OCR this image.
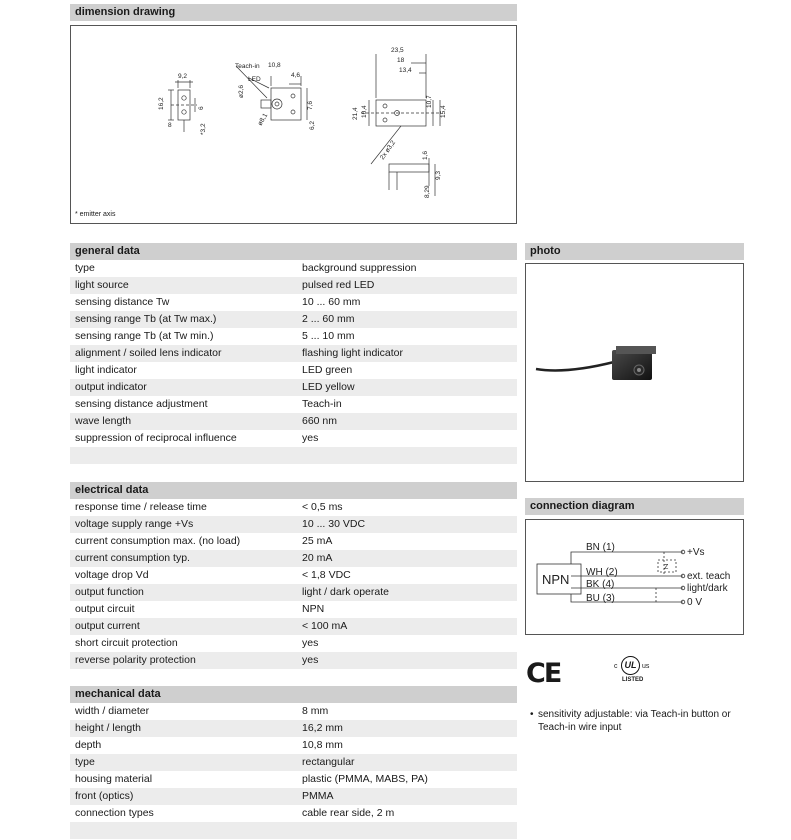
dimension drawing
9,2
16,2
8	*3,2
6
Teach-in 10,8
LED
4,6
ø2,6
ø8,1
7,6
6,2
23,5
18
13,4
21,4 10,4
10,7
15,4
2x ø3,2	1,6
9,3
8,29
* emitter axis
general data
type	background suppression
light source	pulsed red LED
sensing distance Tw	10 ... 60 mm
sensing range Tb (at Tw max.)	2 ... 60 mm
sensing range Tb (at Tw min.)	5 ... 10 mm
alignment / soiled lens indicator	flashing light indicator
light indicator	LED green
output indicator	LED yellow
sensing distance adjustment	Teach-in
wave length	660 nm
suppression of reciprocal influence	yes
electrical data
response time / release time	< 0,5 ms
voltage supply range +Vs	10 ... 30 VDC
current consumption max. (no load)	25 mA
current consumption typ.	20 mA
voltage drop Vd	< 1,8 VDC
output function	light / dark operate
output circuit	NPN
output current	< 100 mA
short circuit protection	yes
reverse polarity protection	yes
mechanical data
width / diameter	8 mm
height / length	16,2 mm
depth	10,8 mm
type	rectangular
housing material	plastic (PMMA, MABS, PA)
front (optics)	PMMA
connection types	cable rear side, 2 m
photo
connection diagram
NPN
BN (1)
WH (2)
BK (4)
BU (3)
+Vs
ext. teach
light/dark
0 V
Z
CE	c UL us
LISTED
• sensitivity adjustable: via Teach-in button or Teach-in wire input
